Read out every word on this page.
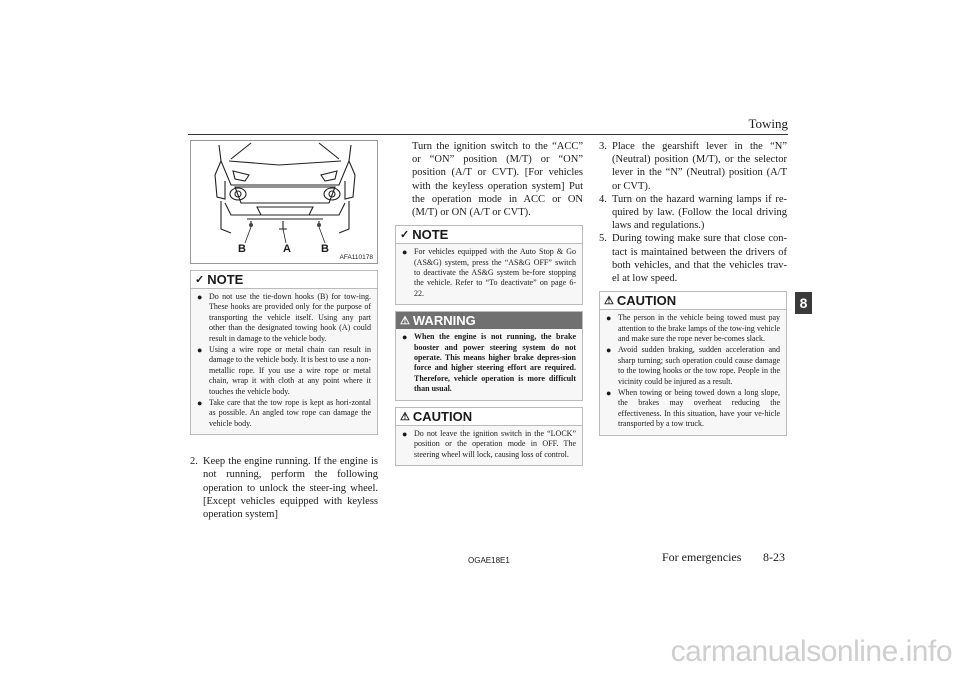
Towing
8
B	A	B
AFA110178
✓ NOTE
● Do not use the tie-down hooks (B) for tow-ing. These hooks are provided only for the purpose of transporting the vehicle itself. Using any part other than the designated towing hook (A) could result in damage to the vehicle body.
● Using a wire rope or metal chain can result in damage to the vehicle body. It is best to use a non-metallic rope. If you use a wire rope or metal chain, wrap it with cloth at any point where it touches the vehicle body.
● Take care that the tow rope is kept as hori-zontal as possible. An angled tow rope can damage the vehicle body.
2. Keep the engine running. If the engine is not running, perform the following operation to unlock the steer-ing wheel. [Except vehicles equipped with keyless operation system]
Turn the ignition switch to the “ACC” or “ON” position (M/T) or “ON” position (A/T or CVT). [For vehicles with the keyless operation system] Put the operation mode in ACC or ON (M/T) or ON (A/T or CVT).
✓ NOTE
● For vehicles equipped with the Auto Stop & Go (AS&G) system, press the “AS&G OFF” switch to deactivate the AS&G system be-fore stopping the vehicle. Refer to “To deactivate” on page 6-22.
⚠ WARNING
● When the engine is not running, the brake booster and power steering system do not operate. This means higher brake depres-sion force and higher steering effort are required. Therefore, vehicle operation is more difficult than usual.
⚠ CAUTION
● Do not leave the ignition switch in the “LOCK” position or the operation mode in OFF. The steering wheel will lock, causing loss of control.
3. Place the gearshift lever in the “N” (Neutral) position (M/T), or the selector lever in the “N” (Neutral) position (A/T or CVT).
4. Turn on the hazard warning lamps if re-quired by law. (Follow the local driving laws and regulations.)
5. During towing make sure that close con-tact is maintained between the drivers of both vehicles, and that the vehicles trav-el at low speed.
⚠ CAUTION
● The person in the vehicle being towed must pay attention to the brake lamps of the tow-ing vehicle and make sure the rope never be-comes slack.
● Avoid sudden braking, sudden acceleration and sharp turning; such operation could cause damage to the towing hooks or the tow rope. People in the vicinity could be injured as a result.
● When towing or being towed down a long slope, the brakes may overheat reducing the effectiveness. In this situation, have your ve-hicle transported by a tow truck.
OGAE18E1	For emergencies 8-23
carmanualsonline.info
